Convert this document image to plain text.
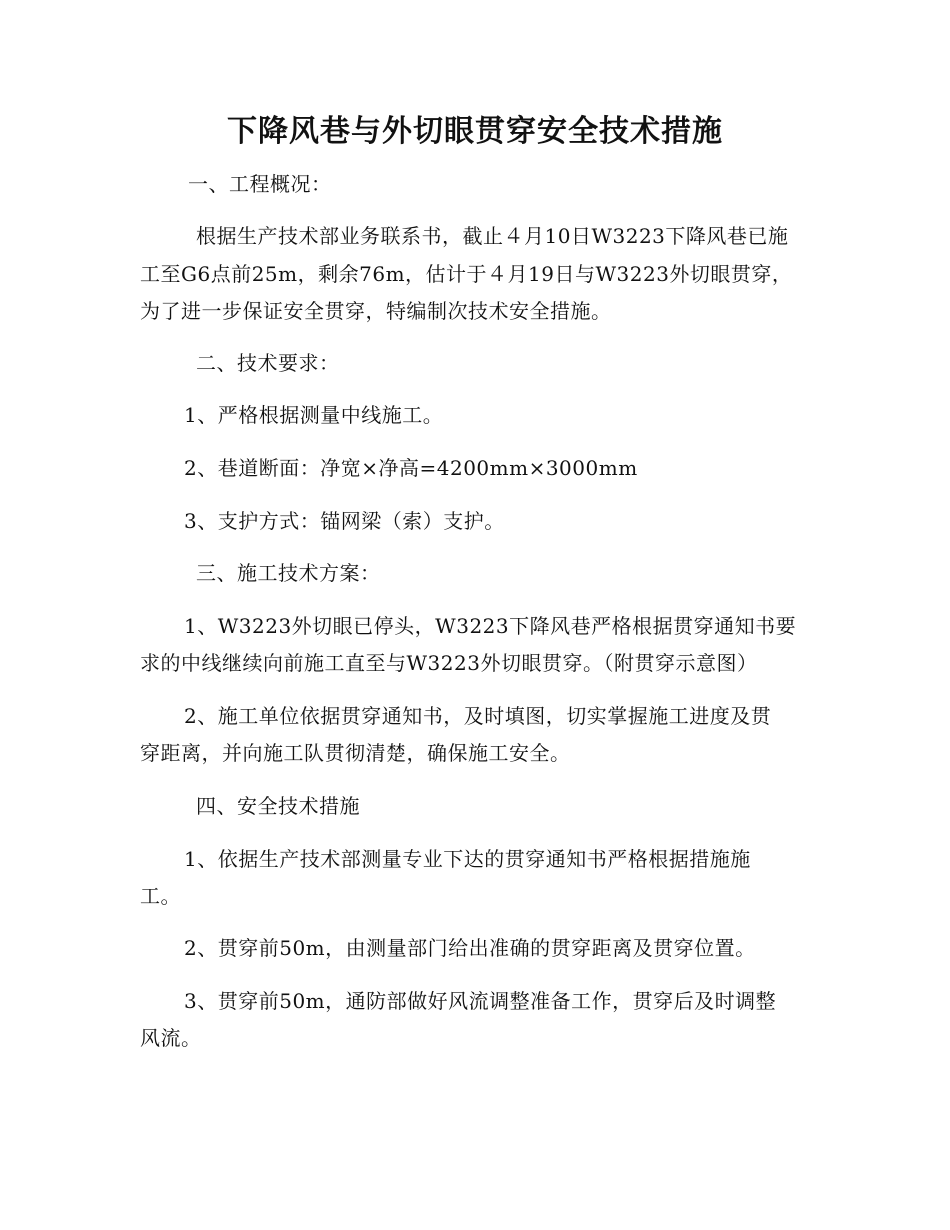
下降风巷与外切眼贯穿安全技术措施

一、工程概况：

根据生产技术部业务联系书，截止４月10日W3223下降风巷已施

工至G6点前25m，剩余76m，估计于４月19日与W3223外切眼贯穿，

为了进一步保证安全贯穿，特编制次技术安全措施。

二、技术要求：

1、严格根据测量中线施工。

2、巷道断面：净宽×净高=4200mm×3000mm

3、支护方式：锚网梁（索）支护。

三、施工技术方案：

1、W3223外切眼已停头，W3223下降风巷严格根据贯穿通知书要

求的中线继续向前施工直至与W3223外切眼贯穿。（附贯穿示意图）

2、施工单位依据贯穿通知书，及时填图，切实掌握施工进度及贯

穿距离，并向施工队贯彻清楚，确保施工安全。

四、安全技术措施

1、依据生产技术部测量专业下达的贯穿通知书严格根据措施施

工。

2、贯穿前50m，由测量部门给出准确的贯穿距离及贯穿位置。

3、贯穿前50m，通防部做好风流调整准备工作，贯穿后及时调整

风流。
